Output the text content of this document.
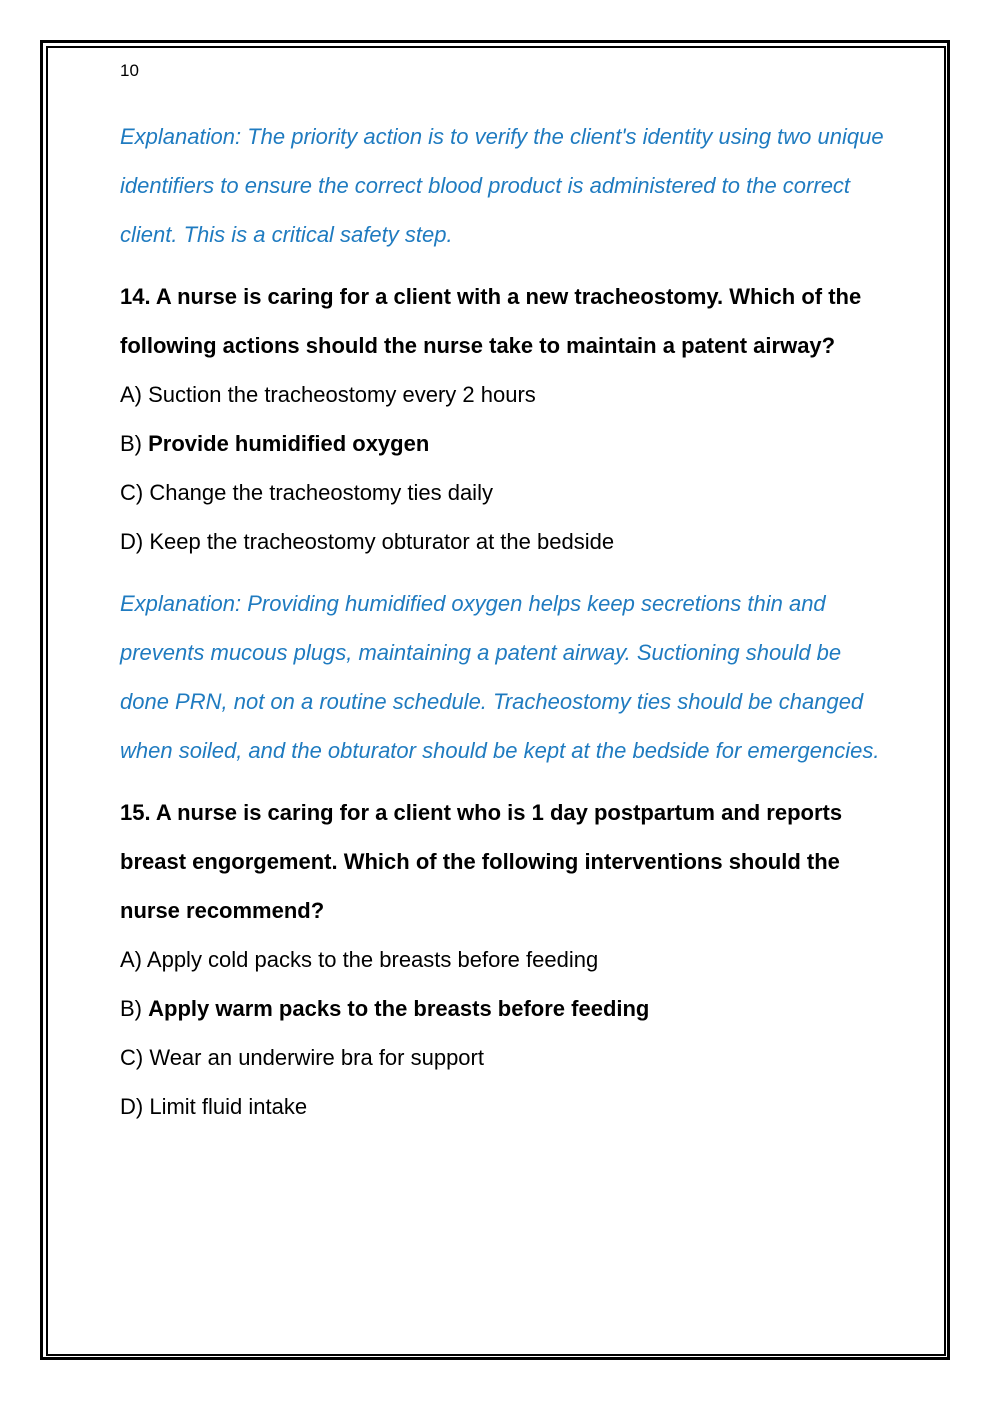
10

Explanation: The priority action is to verify the client's identity using two unique identifiers to ensure the correct blood product is administered to the correct client. This is a critical safety step.

14. A nurse is caring for a client with a new tracheostomy. Which of the following actions should the nurse take to maintain a patent airway?

A) Suction the tracheostomy every 2 hours
B) Provide humidified oxygen
C) Change the tracheostomy ties daily
D) Keep the tracheostomy obturator at the bedside

Explanation: Providing humidified oxygen helps keep secretions thin and prevents mucous plugs, maintaining a patent airway. Suctioning should be done PRN, not on a routine schedule. Tracheostomy ties should be changed when soiled, and the obturator should be kept at the bedside for emergencies.

15. A nurse is caring for a client who is 1 day postpartum and reports breast engorgement. Which of the following interventions should the nurse recommend?

A) Apply cold packs to the breasts before feeding
B) Apply warm packs to the breasts before feeding
C) Wear an underwire bra for support
D) Limit fluid intake
